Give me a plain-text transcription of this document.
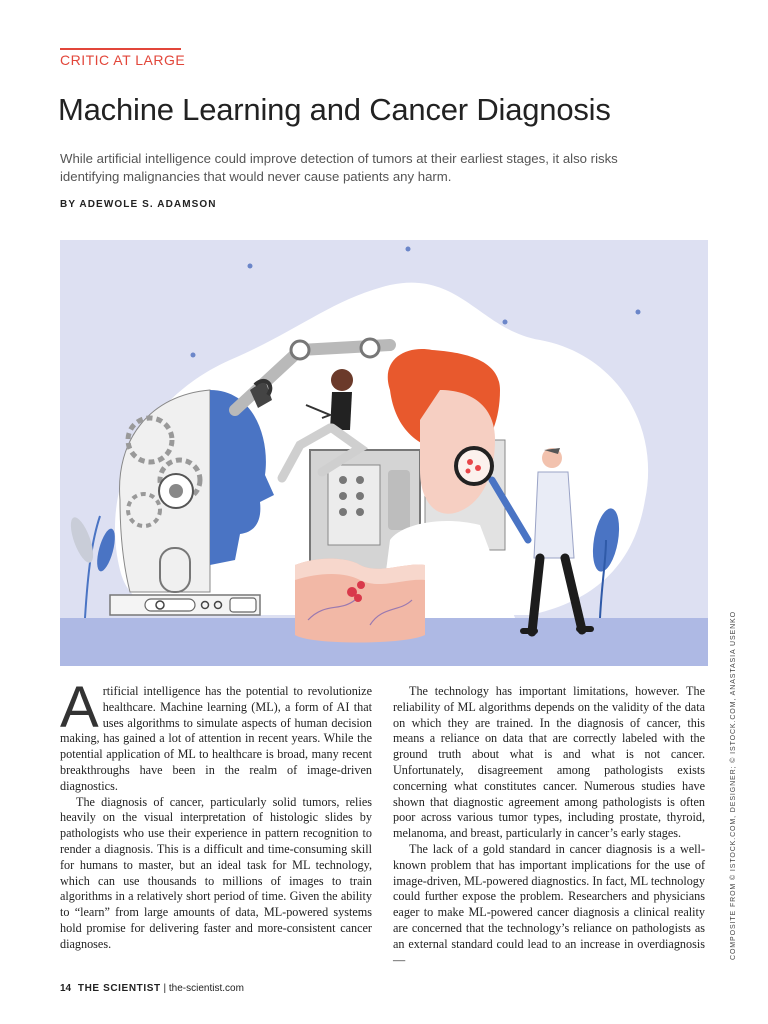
CRITIC AT LARGE
Machine Learning and Cancer Diagnosis

While artificial intelligence could improve detection of tumors at their earliest stages, it also risks identifying malignancies that would never cause patients any harm.

BY ADEWOLE S. ADAMSON
COMPOSITE FROM © ISTOCK.COM, DESIGNER; © ISTOCK.COM, ANASTASIA USENKO

Artificial intelligence has the potential to revolutionize healthcare. Machine learning (ML), a form of AI that uses algorithms to simulate aspects of human decision making, has gained a lot of attention in recent years. While the potential application of ML to healthcare is broad, many recent breakthroughs have been in the realm of image-driven diagnostics.

The diagnosis of cancer, particularly solid tumors, relies heavily on the visual interpretation of histologic slides by pathologists who use their experience in pattern recognition to render a diagnosis. This is a difficult and time-consuming skill for humans to master, but an ideal task for ML technology, which can use thousands to millions of images to train algorithms in a relatively short period of time. Given the ability to “learn” from large amounts of data, ML-powered systems hold promise for delivering faster and more-consistent cancer diagnoses.

The technology has important limitations, however. The reliability of ML algorithms depends on the validity of the data on which they are trained. In the diagnosis of cancer, this means a reliance on data that are correctly labeled with the ground truth about what is and what is not cancer. Unfortunately, disagreement among pathologists exists concerning what constitutes cancer. Numerous studies have shown that diagnostic agreement among pathologists is often poor across various tumor types, including prostate, thyroid, melanoma, and breast, particularly in cancer’s early stages.

The lack of a gold standard in cancer diagnosis is a well-known problem that has important implications for the use of image-driven, ML-powered diagnostics. In fact, ML technology could further expose the problem. Researchers and physicians eager to make ML-powered cancer diagnosis a clinical reality are concerned that the technology’s reliance on pathologists as an external standard could lead to an increase in overdiagnosis—

14 THE SCIENTIST | the-scientist.com
